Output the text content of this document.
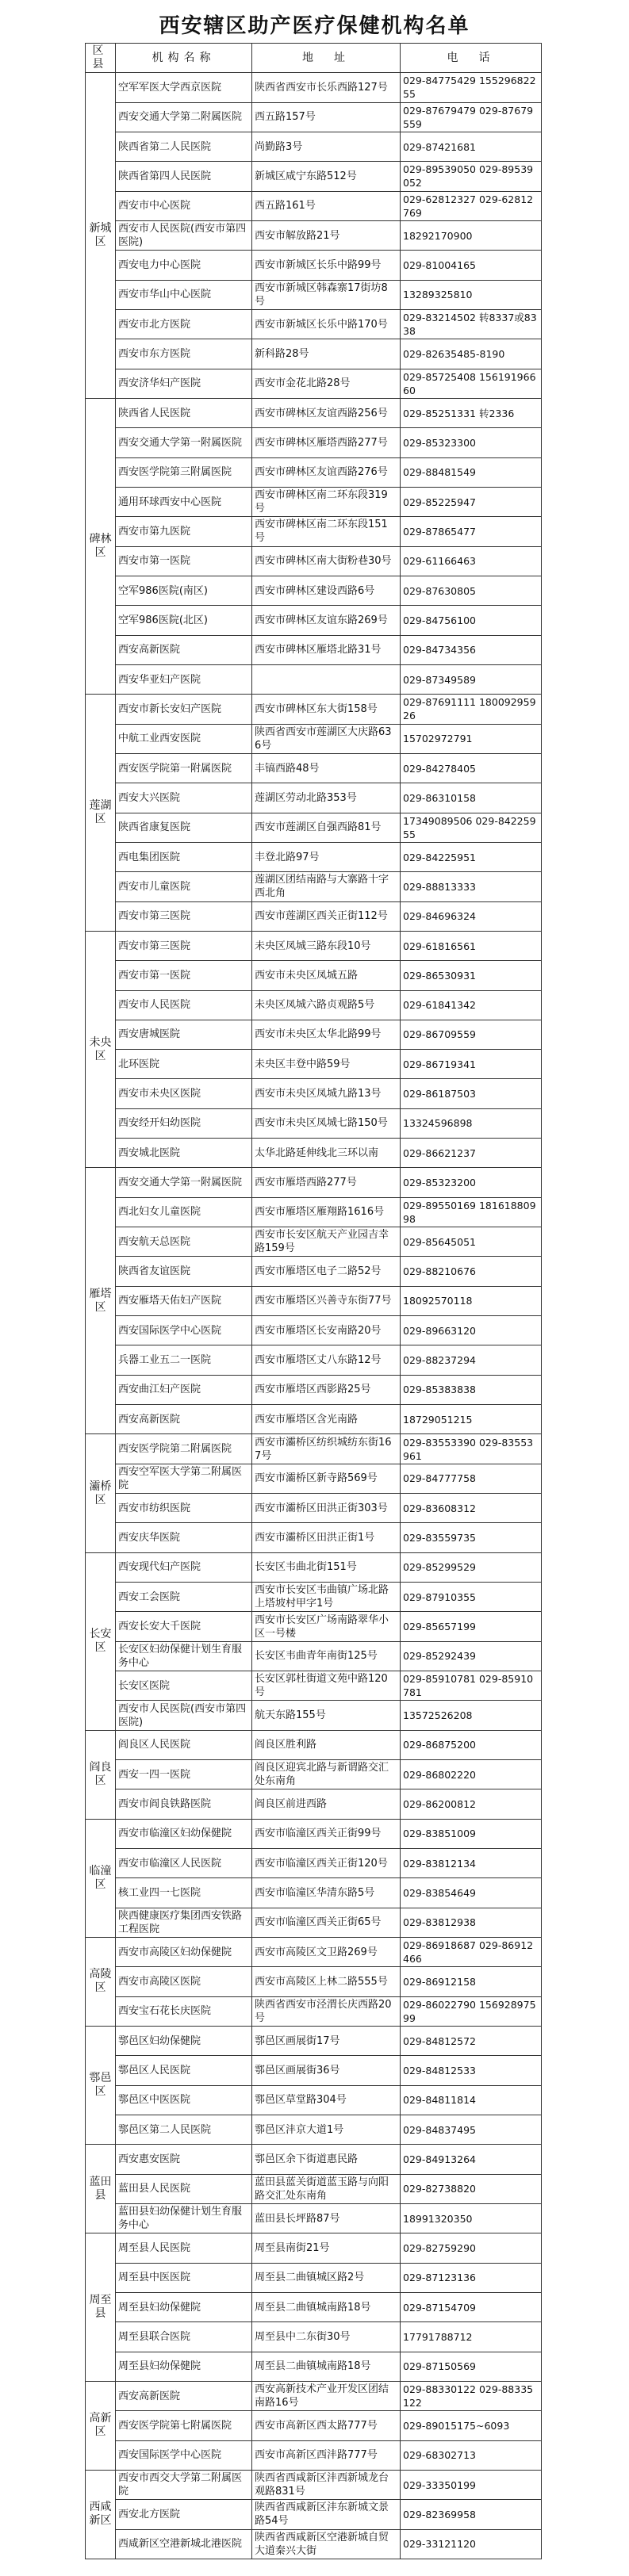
西安辖区助产医疗保健机构名单
区县	机构名称	地　址	电　话
新城区	空军军医大学西京医院	陕西省西安市长乐西路127号	029-84775429 15529682255
	西安交通大学第二附属医院	西五路157号	029-87679479 029-87679559
	陕西省第二人民医院	尚勤路3号	029-87421681
	陕西省第四人民医院	新城区咸宁东路512号	029-89539050 029-89539052
	西安市中心医院	西五路161号	029-62812327 029-62812769
	西安市人民医院(西安市第四医院)	西安市解放路21号	18292170900
	西安电力中心医院	西安市新城区长乐中路99号	029-81004165
	西安市华山中心医院	西安市新城区韩森寨17街坊8号	13289325810
	西安市北方医院	西安市新城区长乐中路170号	029-83214502 转8337或8338
	西安市东方医院	新科路28号	029-82635485-8190
	西安济华妇产医院	西安市金花北路28号	029-85725408 15619196660
碑林区	陕西省人民医院	西安市碑林区友谊西路256号	029-85251331 转2336
	西安交通大学第一附属医院	西安市碑林区雁塔西路277号	029-85323300
	西安医学院第三附属医院	西安市碑林区友谊西路276号	029-88481549
	通用环球西安中心医院	西安市碑林区南二环东段319号	029-85225947
	西安市第九医院	西安市碑林区南二环东段151号	029-87865477
	西安市第一医院	西安市碑林区南大街粉巷30号	029-61166463
	空军986医院(南区)	西安市碑林区建设西路6号	029-87630805
	空军986医院(北区)	西安市碑林区友谊东路269号	029-84756100
	西安高新医院	西安市碑林区雁塔北路31号	029-84734356
	西安华亚妇产医院		029-87349589
莲湖区	西安市新长安妇产医院	西安市碑林区东大街158号	029-87691111 18009295926
	中航工业西安医院	陕西省西安市莲湖区大庆路636号	15702972791
	西安医学院第一附属医院	丰镐西路48号	029-84278405
	西安大兴医院	莲湖区劳动北路353号	029-86310158
	陕西省康复医院	西安市莲湖区自强西路81号	17349089506 029-84225955
	西电集团医院	丰登北路97号	029-84225951
	西安市儿童医院	莲湖区团结南路与大寨路十字西北角	029-88813333
	西安市第三医院	西安市莲湖区西关正街112号	029-84696324
未央区	西安市第三医院	未央区凤城三路东段10号	029-61816561
	西安市第一医院	西安市未央区凤城五路	029-86530931
	西安市人民医院	未央区凤城六路贞观路5号	029-61841342
	西安唐城医院	西安市未央区太华北路99号	029-86709559
	北环医院	未央区丰登中路59号	029-86719341
	西安市未央区医院	西安市未央区凤城九路13号	029-86187503
	西安经开妇幼医院	西安市未央区凤城七路150号	13324596898
	西安城北医院	太华北路延伸线北三环以南	029-86621237
雁塔区	西安交通大学第一附属医院	西安市雁塔西路277号	029-85323200
	西北妇女儿童医院	西安市雁塔区雁翔路1616号	029-89550169 18161880998
	西安航天总医院	西安市长安区航天产业园吉幸路159号	029-85645051
	陕西省友谊医院	西安市雁塔区电子二路52号	029-88210676
	西安雁塔天佑妇产医院	西安市雁塔区兴善寺东街77号	18092570118
	西安国际医学中心医院	西安市雁塔区长安南路20号	029-89663120
	兵器工业五二一医院	西安市雁塔区丈八东路12号	029-88237294
	西安曲江妇产医院	西安市雁塔区西影路25号	029-85383838
	西安高新医院	西安市雁塔区含光南路	18729051215
灞桥区	西安医学院第二附属医院	西安市灞桥区纺织城纺东街167号	029-83553390 029-83553961
	西安空军医大学第二附属医院	西安市灞桥区新寺路569号	029-84777758
	西安市纺织医院	西安市灞桥区田洪正街303号	029-83608312
	西安庆华医院	西安市灞桥区田洪正街1号	029-83559735
长安区	西安现代妇产医院	长安区韦曲北街151号	029-85299529
	西安工会医院	西安市长安区韦曲镇广场北路上塔坡村甲字1号	029-87910355
	西安长安大千医院	西安市长安区广场南路翠华小区一号楼	029-85657199
	长安区妇幼保健计划生育服务中心	长安区韦曲青年南街125号	029-85292439
	长安区医院	长安区郭杜街道文苑中路120号	029-85910781 029-85910781
	西安市人民医院(西安市第四医院)	航天东路155号	13572526208
阎良区	阎良区人民医院	阎良区胜利路	029-86875200
	西安一四一医院	阎良区迎宾北路与新谓路交汇处东南角	029-86802220
	西安市阎良铁路医院	阎良区前进西路	029-86200812
临潼区	西安市临潼区妇幼保健院	西安市临潼区西关正街99号	029-83851009
	西安市临潼区人民医院	西安市临潼区西关正街120号	029-83812134
	核工业四一七医院	西安市临潼区华清东路5号	029-83854649
	陕西健康医疗集团西安铁路工程医院	西安市临潼区西关正街65号	029-83812938
高陵区	西安市高陵区妇幼保健院	西安市高陵区文卫路269号	029-86918687 029-86912466
	西安市高陵区医院	西安市高陵区上林二路555号	029-86912158
	西安宝石花长庆医院	陕西省西安市泾渭长庆西路20号	029-86022790 15692897599
鄠邑区	鄠邑区妇幼保健院	鄠邑区画展街17号	029-84812572
	鄠邑区人民医院	鄠邑区画展街36号	029-84812533
	鄠邑区中医医院	鄠邑区草堂路304号	029-84811814
	鄠邑区第二人民医院	鄠邑区沣京大道1号	029-84837495
蓝田县	西安惠安医院	鄠邑区余下街道惠民路	029-84913264
	蓝田县人民医院	蓝田县蓝关街道蓝玉路与向阳路交汇处东南角	029-82738820
	蓝田县妇幼保健计划生育服务中心	蓝田县长坪路87号	18991320350
周至县	周至县人民医院	周至县南街21号	029-82759290
	周至县中医医院	周至县二曲镇城区路2号	029-87123136
	周至县妇幼保健院	周至县二曲镇城南路18号	029-87154709
	周至县联合医院	周至县中二东街30号	17791788712
	周至县妇幼保健院	周至县二曲镇城南路18号	029-87150569
高新区	西安高新医院	西安高新技术产业开发区团结南路16号	029-88330122 029-88335122
	西安医学院第七附属医院	西安市高新区西太路777号	029-89015175~6093
	西安国际医学中心医院	西安市高新区西沣路777号	029-68302713
西咸新区	西安市西交大学第二附属医院	陕西省西咸新区沣西新城龙台观路831号	029-33350199
	西安北方医院	陕西省西咸新区沣东新城文景路54号	029-82369958
	西咸新区空港新城北港医院	陕西省西咸新区空港新城自贸大道秦兴大街	029-33121120
